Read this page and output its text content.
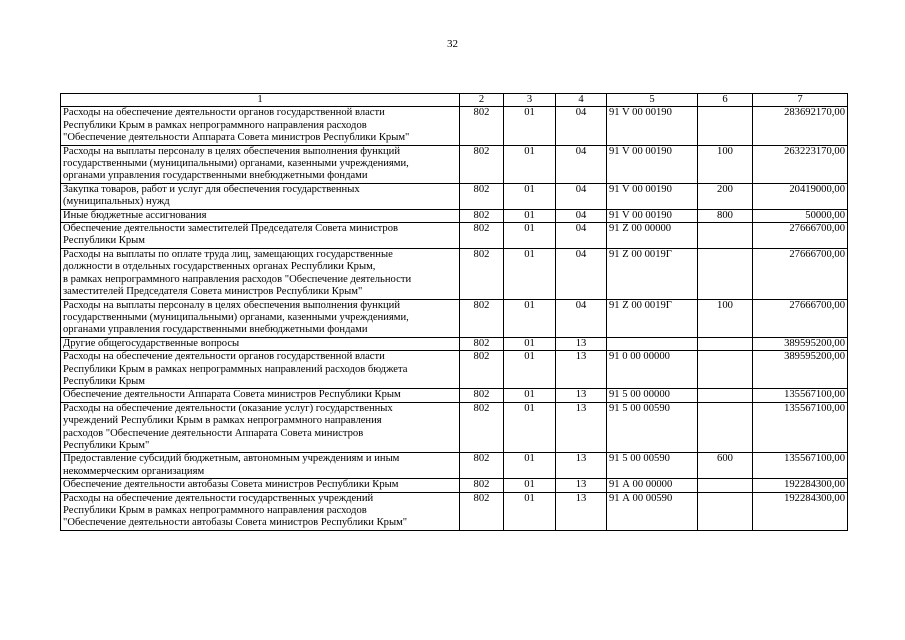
32
1	2	3	4	5	6	7
Расходы на обеспечение деятельности органов государственной власти
Республики Крым в рамках непрограммного направления расходов
"Обеспечение деятельности Аппарата Совета министров Республики Крым"	802	01	04	91 V 00 00190		283692170,00
Расходы на выплаты персоналу в целях обеспечения выполнения функций
государственными (муниципальными) органами, казенными учреждениями,
органами управления государственными внебюджетными фондами	802	01	04	91 V 00 00190	100	263223170,00
Закупка товаров, работ и услуг для обеспечения государственных
(муниципальных) нужд	802	01	04	91 V 00 00190	200	20419000,00
Иные бюджетные ассигнования	802	01	04	91 V 00 00190	800	50000,00
Обеспечение деятельности заместителей Председателя Совета министров
Республики Крым	802	01	04	91 Z 00 00000		27666700,00
Расходы на выплаты по оплате труда лиц, замещающих государственные
должности в отдельных государственных органах Республики Крым,
в рамках непрограммного направления расходов "Обеспечение деятельности
заместителей Председателя Совета министров Республики Крым"	802	01	04	91 Z 00 0019Г		27666700,00
Расходы на выплаты персоналу в целях обеспечения выполнения функций
государственными (муниципальными) органами, казенными учреждениями,
органами управления государственными внебюджетными фондами	802	01	04	91 Z 00 0019Г	100	27666700,00
Другие общегосударственные вопросы	802	01	13			389595200,00
Расходы на обеспечение деятельности органов государственной власти
Республики Крым в рамках непрограммных направлений расходов бюджета
Республики Крым	802	01	13	91 0 00 00000		389595200,00
Обеспечение деятельности Аппарата Совета министров Республики Крым	802	01	13	91 5 00 00000		135567100,00
Расходы на обеспечение деятельности (оказание услуг) государственных
учреждений Республики Крым в рамках непрограммного направления
расходов "Обеспечение деятельности Аппарата Совета министров
Республики Крым"	802	01	13	91 5 00 00590		135567100,00
Предоставление субсидий бюджетным, автономным учреждениям и иным
некоммерческим организациям	802	01	13	91 5 00 00590	600	135567100,00
Обеспечение деятельности автобазы Совета министров Республики Крым	802	01	13	91 А 00 00000		192284300,00
Расходы на обеспечение деятельности государственных учреждений
Республики Крым в рамках непрограммного направления расходов
"Обеспечение деятельности автобазы Совета министров Республики Крым"	802	01	13	91 А 00 00590		192284300,00
